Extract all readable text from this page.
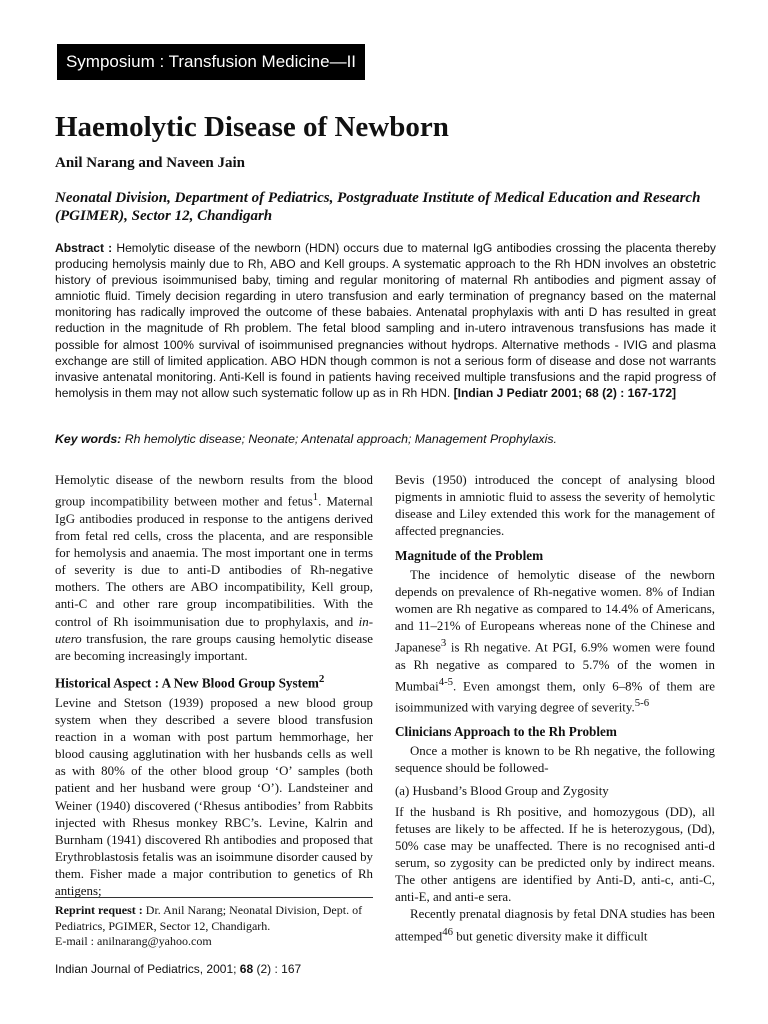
Symposium : Transfusion Medicine—II
Haemolytic Disease of Newborn
Anil Narang and Naveen Jain
Neonatal Division, Department of Pediatrics, Postgraduate Institute of Medical Education and Research (PGIMER), Sector 12, Chandigarh
Abstract : Hemolytic disease of the newborn (HDN) occurs due to maternal IgG antibodies crossing the placenta thereby producing hemolysis mainly due to Rh, ABO and Kell groups. A systematic approach to the Rh HDN involves an obstetric history of previous isoimmunised baby, timing and regular monitoring of maternal Rh antibodies and pigment assay of amniotic fluid. Timely decision regarding in utero transfusion and early termination of pregnancy based on the maternal monitoring has radically improved the outcome of these babaies. Antenatal prophylaxis with anti D has resulted in great reduction in the magnitude of Rh problem. The fetal blood sampling and in-utero intravenous transfusions has made it possible for almost 100% survival of isoimmunised pregnancies without hydrops. Alternative methods - IVIG and plasma exchange are still of limited application. ABO HDN though common is not a serious form of disease and dose not warrants invasive antenatal monitoring. Anti-Kell is found in patients having received multiple transfusions and the rapid progress of hemolysis in them may not allow such systematic follow up as in Rh HDN. [Indian J Pediatr 2001; 68 (2) : 167-172]
Key words: Rh hemolytic disease; Neonate; Antenatal approach; Management Prophylaxis.

Hemolytic disease of the newborn results from the blood group incompatibility between mother and fetus$^1$. Maternal IgG antibodies produced in response to the antigens derived from fetal red cells, cross the placenta, and are responsible for hemolysis and anaemia. The most important one in terms of severity is due to anti-D antibodies of Rh-negative mothers. The others are ABO incompatibility, Kell group, anti-C and other rare group incompatibilities. With the control of Rh isoimmunisation due to prophylaxis, and in-utero transfusion, the rare groups causing hemolytic disease are becoming increasingly important.

Historical Aspect : A New Blood Group System$^2$

Levine and Stetson (1939) proposed a new blood group system when they described a severe blood transfusion reaction in a woman with post partum hemmorhage, her blood causing agglutination with her husbands cells as well as with 80% of the other blood group ‘O’ samples (both patient and her husband were group ‘O’). Landsteiner and Weiner (1940) discovered (‘Rhesus antibodies’ from Rabbits injected with Rhesus monkey RBC’s. Levine, Kalrin and Burnham (1941) discovered Rh antibodies and proposed that Erythroblastosis fetalis was an isoimmune disorder caused by them. Fisher made a major contribution to genetics of Rh antigens;

Bevis (1950) introduced the concept of analysing blood pigments in amniotic fluid to assess the severity of hemolytic disease and Liley extended this work for the management of affected pregnancies.

Magnitude of the Problem

The incidence of hemolytic disease of the newborn depends on prevalence of Rh-negative women. 8% of Indian women are Rh negative as compared to 14.4% of Americans, and 11–21% of Europeans whereas none of the Chinese and Japanese$^3$ is Rh negative. At PGI, 6.9% women were found as Rh negative as compared to 5.7% of the women in Mumbai$^{4-5}$. Even amongst them, only 6–8% of them are isoimmunized with varying degree of severity.$^{5-6}$

Clinicians Approach to the Rh Problem

Once a mother is known to be Rh negative, the following sequence should be followed-

(a) Husband’s Blood Group and Zygosity

If the husband is Rh positive, and homozygous (DD), all fetuses are likely to be affected. If he is heterozygous, (Dd), 50% case may be unaffected. There is no recognised anti-d serum, so zygosity can be predicted only by indirect means. The other antigens are identified by Anti-D, anti-c, anti-C, anti-E, and anti-e sera.

Recently prenatal diagnosis by fetal DNA studies has been attemped$^{46}$ but genetic diversity make it difficult

Reprint request : Dr. Anil Narang; Neonatal Division, Dept. of Pediatrics, PGIMER, Sector 12, Chandigarh.
E-mail : anilnarang@yahoo.com
Indian Journal of Pediatrics, 2001; 68 (2) : 167
